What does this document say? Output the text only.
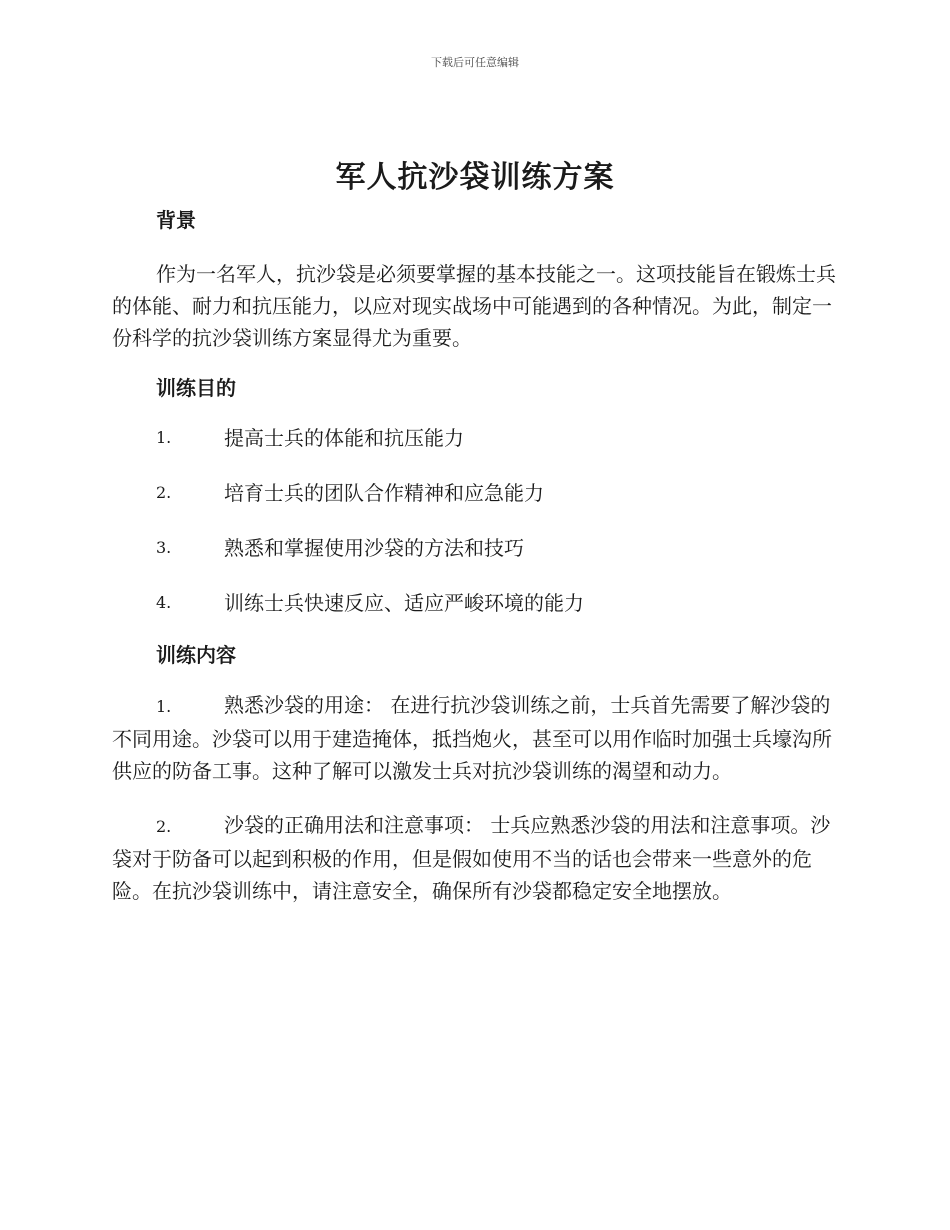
下载后可任意编辑
军人抗沙袋训练方案
背景

作为一名军人，抗沙袋是必须要掌握的基本技能之一。这项技能旨在锻炼士兵的体能、耐力和抗压能力，以应对现实战场中可能遇到的各种情况。为此，制定一份科学的抗沙袋训练方案显得尤为重要。

训练目的
1.	提高士兵的体能和抗压能力
2.	培育士兵的团队合作精神和应急能力
3.	熟悉和掌握使用沙袋的方法和技巧
4.	训练士兵快速反应、适应严峻环境的能力
训练内容

1.	熟悉沙袋的用途： 在进行抗沙袋训练之前，士兵首先需要了解沙袋的不同用途。沙袋可以用于建造掩体，抵挡炮火，甚至可以用作临时加强士兵壕沟所供应的防备工事。这种了解可以激发士兵对抗沙袋训练的渴望和动力。

2.	沙袋的正确用法和注意事项： 士兵应熟悉沙袋的用法和注意事项。沙袋对于防备可以起到积极的作用，但是假如使用不当的话也会带来一些意外的危险。在抗沙袋训练中，请注意安全，确保所有沙袋都稳定安全地摆放。
